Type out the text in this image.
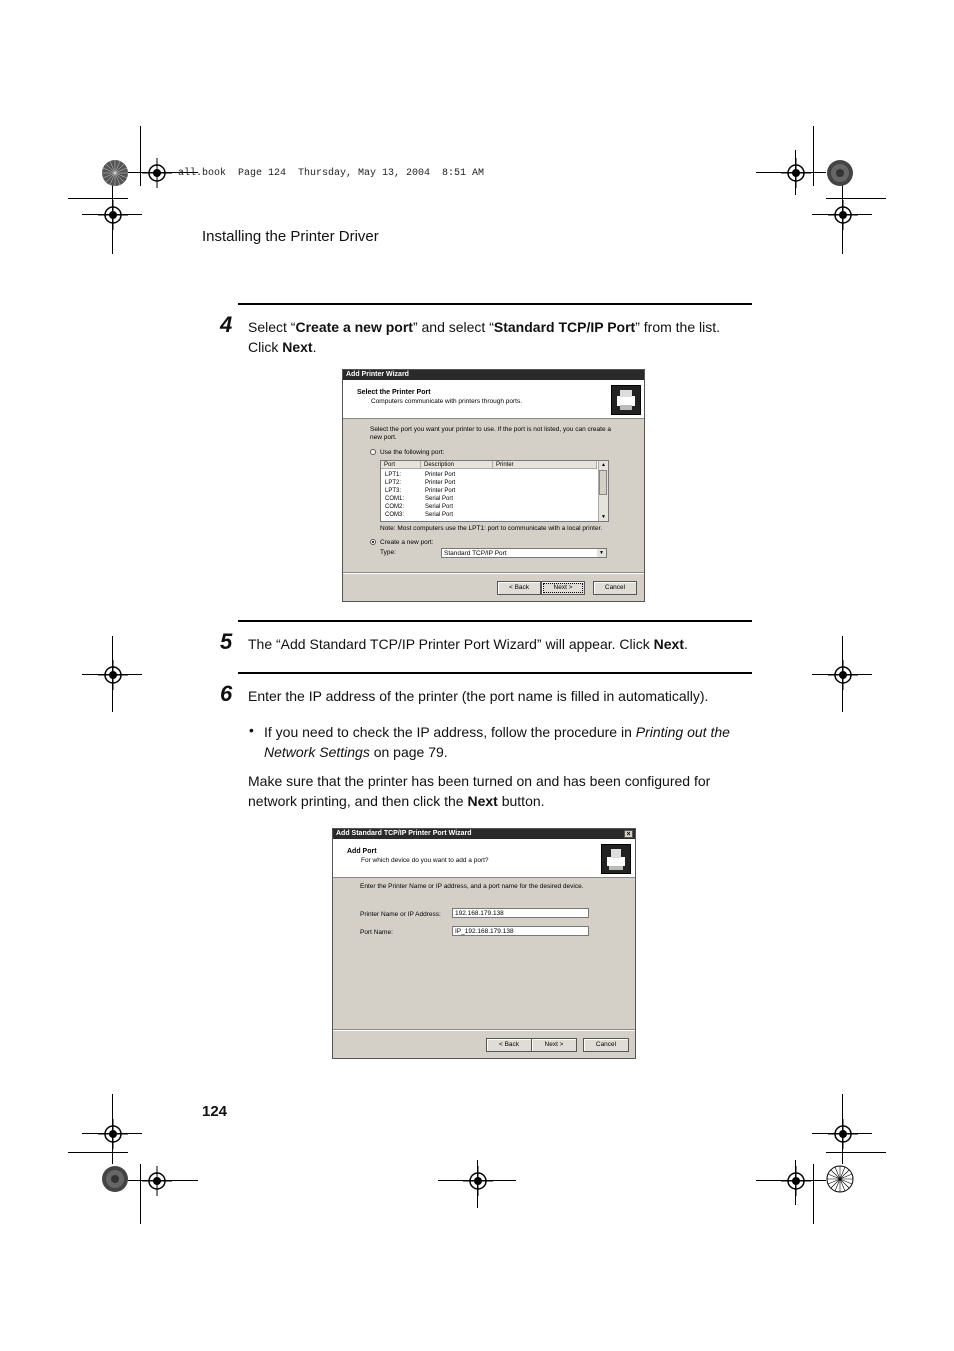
all.book  Page 124  Thursday, May 13, 2004  8:51 AM
Installing the Printer Driver
4 Select “Create a new port” and select “Standard TCP/IP Port” from the list.
Click Next.
Add Printer Wizard
Select the Printer Port
Computers communicate with printers through ports.
Select the port you want your printer to use. If the port is not listed, you can create a new port.
Use the following port:
Port	Description	Printer
LPT1:	Printer Port
LPT2:	Printer Port
LPT3:	Printer Port
COM1:	Serial Port
COM2:	Serial Port
COM3:	Serial Port
▲
▼
Note: Most computers use the LPT1: port to communicate with a local printer.
Create a new port:
Type:	Standard TCP/IP Port	▼
< Back	Next >	Cancel
5 The “Add Standard TCP/IP Printer Port Wizard” will appear. Click Next.
6 Enter the IP address of the printer (the port name is filled in automatically).
• If you need to check the IP address, follow the procedure in Printing out the Network Settings on page 79.
Make sure that the printer has been turned on and has been configured for network printing, and then click the Next button.
Add Standard TCP/IP Printer Port Wizard	×
Add Port
For which device do you want to add a port?
Enter the Printer Name or IP address, and a port name for the desired device.
Printer Name or IP Address:	192.168.179.138
Port Name:	IP_192.168.179.138
< Back	Next >	Cancel
124
